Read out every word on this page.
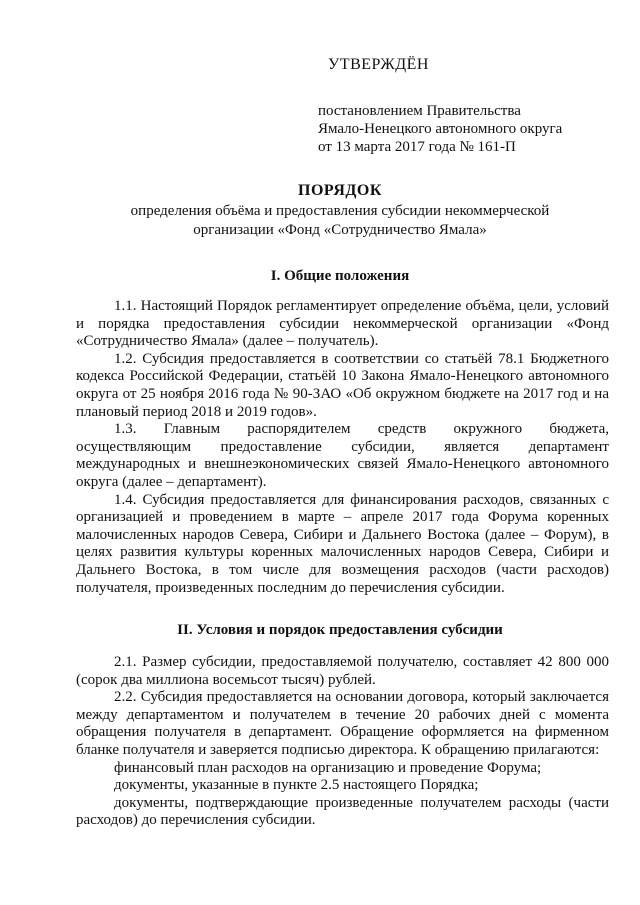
УТВЕРЖДЁН
постановлением Правительства
Ямало-Ненецкого автономного округа
от 13 марта 2017 года № 161-П
ПОРЯДОК
определения объёма и предоставления субсидии некоммерческой
организации «Фонд «Сотрудничество Ямала»
I. Общие положения

1.1. Настоящий Порядок регламентирует определение объёма, цели, условий и порядка предоставления субсидии некоммерческой организации «Фонд «Сотрудничество Ямала» (далее – получатель).

1.2. Субсидия предоставляется в соответствии со статьёй 78.1 Бюджетного кодекса Российской Федерации, статьёй 10 Закона Ямало-Ненецкого автономного округа от 25 ноября 2016 года № 90-ЗАО «Об окружном бюджете на 2017 год и на плановый период 2018 и 2019 годов».

1.3. Главным распорядителем средств окружного бюджета, осуществляющим предоставление субсидии, является департамент международных и внешнеэкономических связей Ямало-Ненецкого автономного округа (далее – департамент).

1.4. Субсидия предоставляется для финансирования расходов, связанных с организацией и проведением в марте – апреле 2017 года Форума коренных малочисленных народов Севера, Сибири и Дальнего Востока (далее – Форум), в целях развития культуры коренных малочисленных народов Севера, Сибири и Дальнего Востока, в том числе для возмещения расходов (части расходов) получателя, произведенных последним до перечисления субсидии.

II. Условия и порядок предоставления субсидии

2.1. Размер субсидии, предоставляемой получателю, составляет 42 800 000 (сорок два миллиона восемьсот тысяч) рублей.

2.2. Субсидия предоставляется на основании договора, который заключается между департаментом и получателем в течение 20 рабочих дней с момента обращения получателя в департамент. Обращение оформляется на фирменном бланке получателя и заверяется подписью директора. К обращению прилагаются:

финансовый план расходов на организацию и проведение Форума;

документы, указанные в пункте 2.5 настоящего Порядка;

документы, подтверждающие произведенные получателем расходы (части расходов) до перечисления субсидии.
